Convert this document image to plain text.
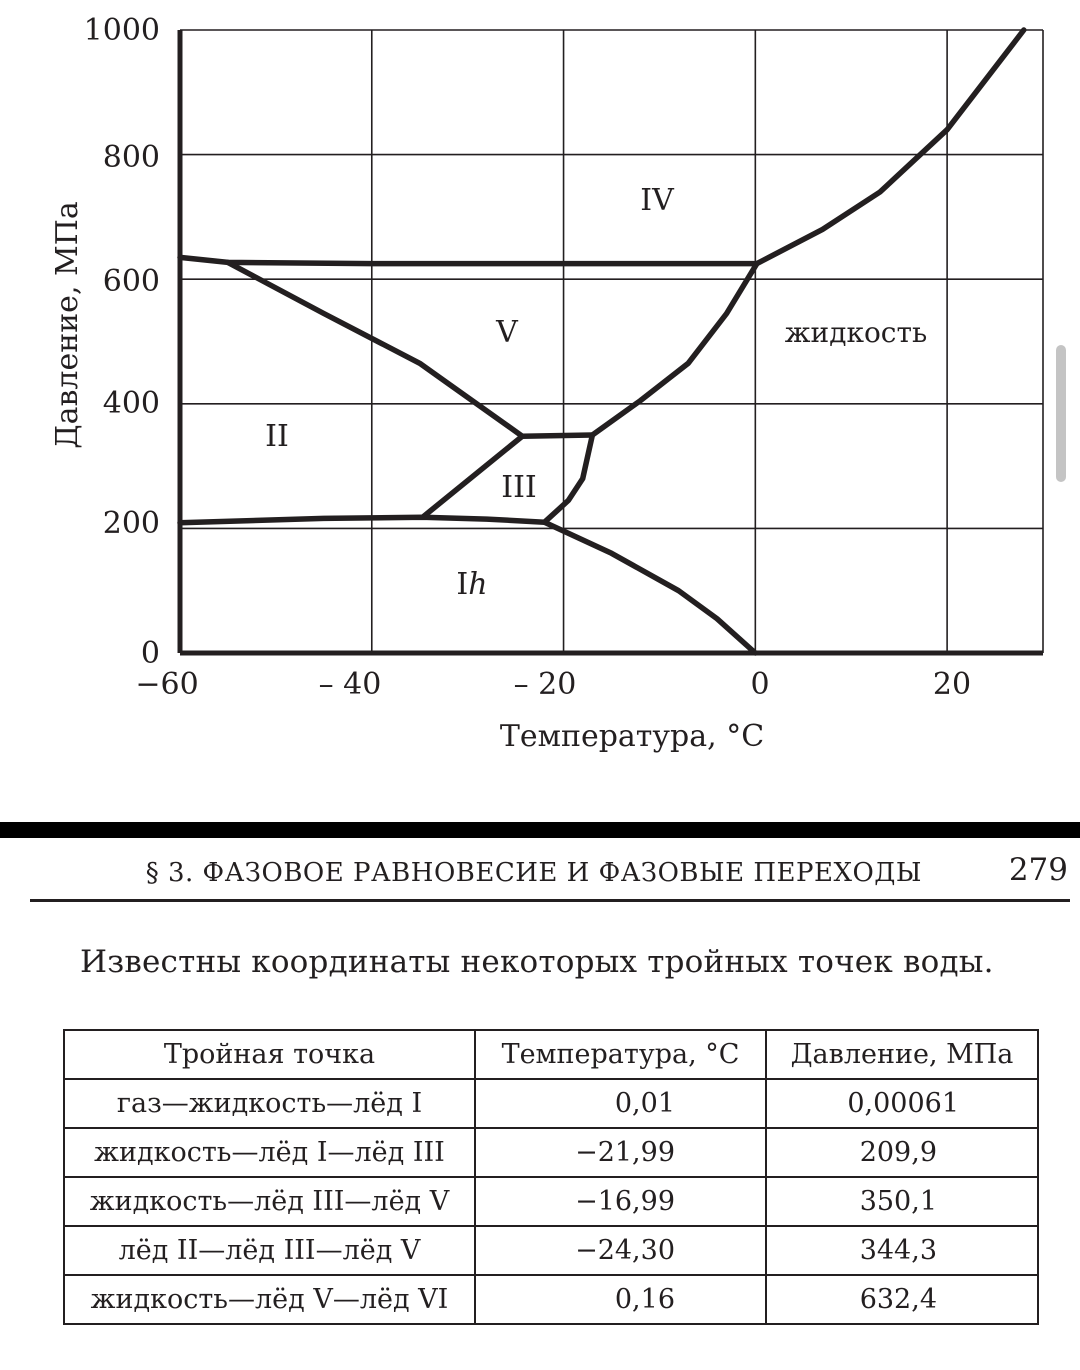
0
200
400
600
800
1000
−60	– 40	– 20	0	20
Давление, МПа
Температура, °C
IV
V	жидкость
II
III
Ih
§ 3. ФАЗОВОЕ РАВНОВЕСИЕ И ФАЗОВЫЕ ПЕРЕХОДЫ	279
Известны координаты некоторых тройных точек воды.
Тройная точка	Температура, °C	Давление, МПа
газ—жидкость—лёд I	0,01	0,00061
жидкость—лёд I—лёд III	−21,99	209,9
жидкость—лёд III—лёд V	−16,99	350,1
лёд II—лёд III—лёд V	−24,30	344,3
жидкость—лёд V—лёд VI	0,16	632,4
